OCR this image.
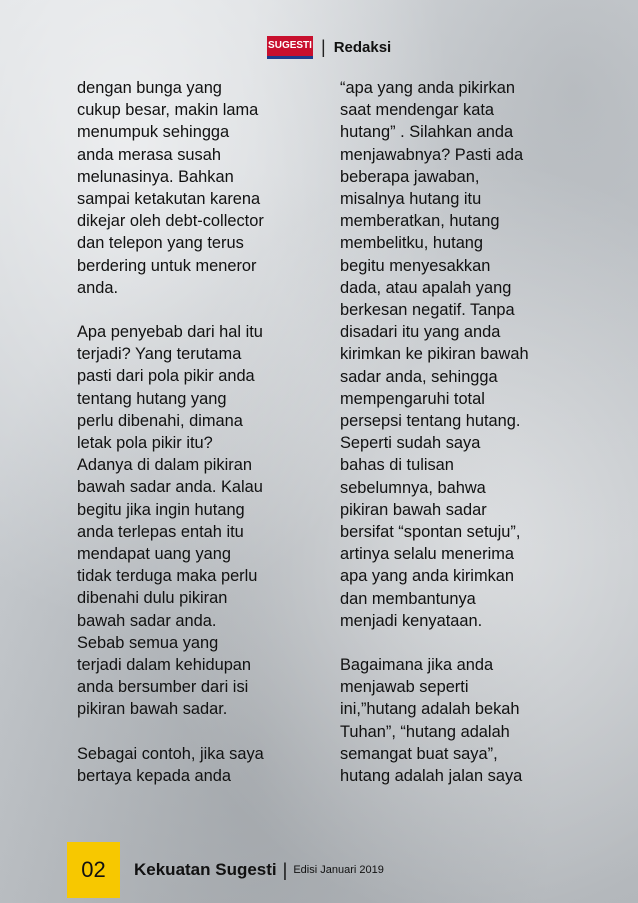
SUGESTI | Redaksi

dengan bunga yang
cukup besar, makin lama
menumpuk sehingga
anda merasa susah
melunasinya. Bahkan
sampai ketakutan karena
dikejar oleh debt-collector
dan telepon yang terus
berdering untuk meneror
anda.

Apa penyebab dari hal itu
terjadi? Yang terutama
pasti dari pola pikir anda
tentang hutang yang
perlu dibenahi, dimana
letak pola pikir itu?
Adanya di dalam pikiran
bawah sadar anda. Kalau
begitu jika ingin hutang
anda terlepas entah itu
mendapat uang yang
tidak terduga maka perlu
dibenahi dulu pikiran
bawah sadar anda.
Sebab semua yang
terjadi dalam kehidupan
anda bersumber dari isi
pikiran bawah sadar.

Sebagai contoh, jika saya
bertaya kepada anda

“apa yang anda pikirkan
saat mendengar kata
hutang” . Silahkan anda
menjawabnya? Pasti ada
beberapa jawaban,
misalnya hutang itu
memberatkan, hutang
membelitku, hutang
begitu menyesakkan
dada, atau apalah yang
berkesan negatif. Tanpa
disadari itu yang anda
kirimkan ke pikiran bawah
sadar anda, sehingga
mempengaruhi total
persepsi tentang hutang.
Seperti sudah saya
bahas di tulisan
sebelumnya, bahwa
pikiran bawah sadar
bersifat “spontan setuju”,
artinya selalu menerima
apa yang anda kirimkan
dan membantunya
menjadi kenyataan.

Bagaimana jika anda
menjawab seperti
ini,”hutang adalah bekah
Tuhan”, “hutang adalah
semangat buat saya”,
hutang adalah jalan saya

02	Kekuatan Sugesti | Edisi Januari 2019
